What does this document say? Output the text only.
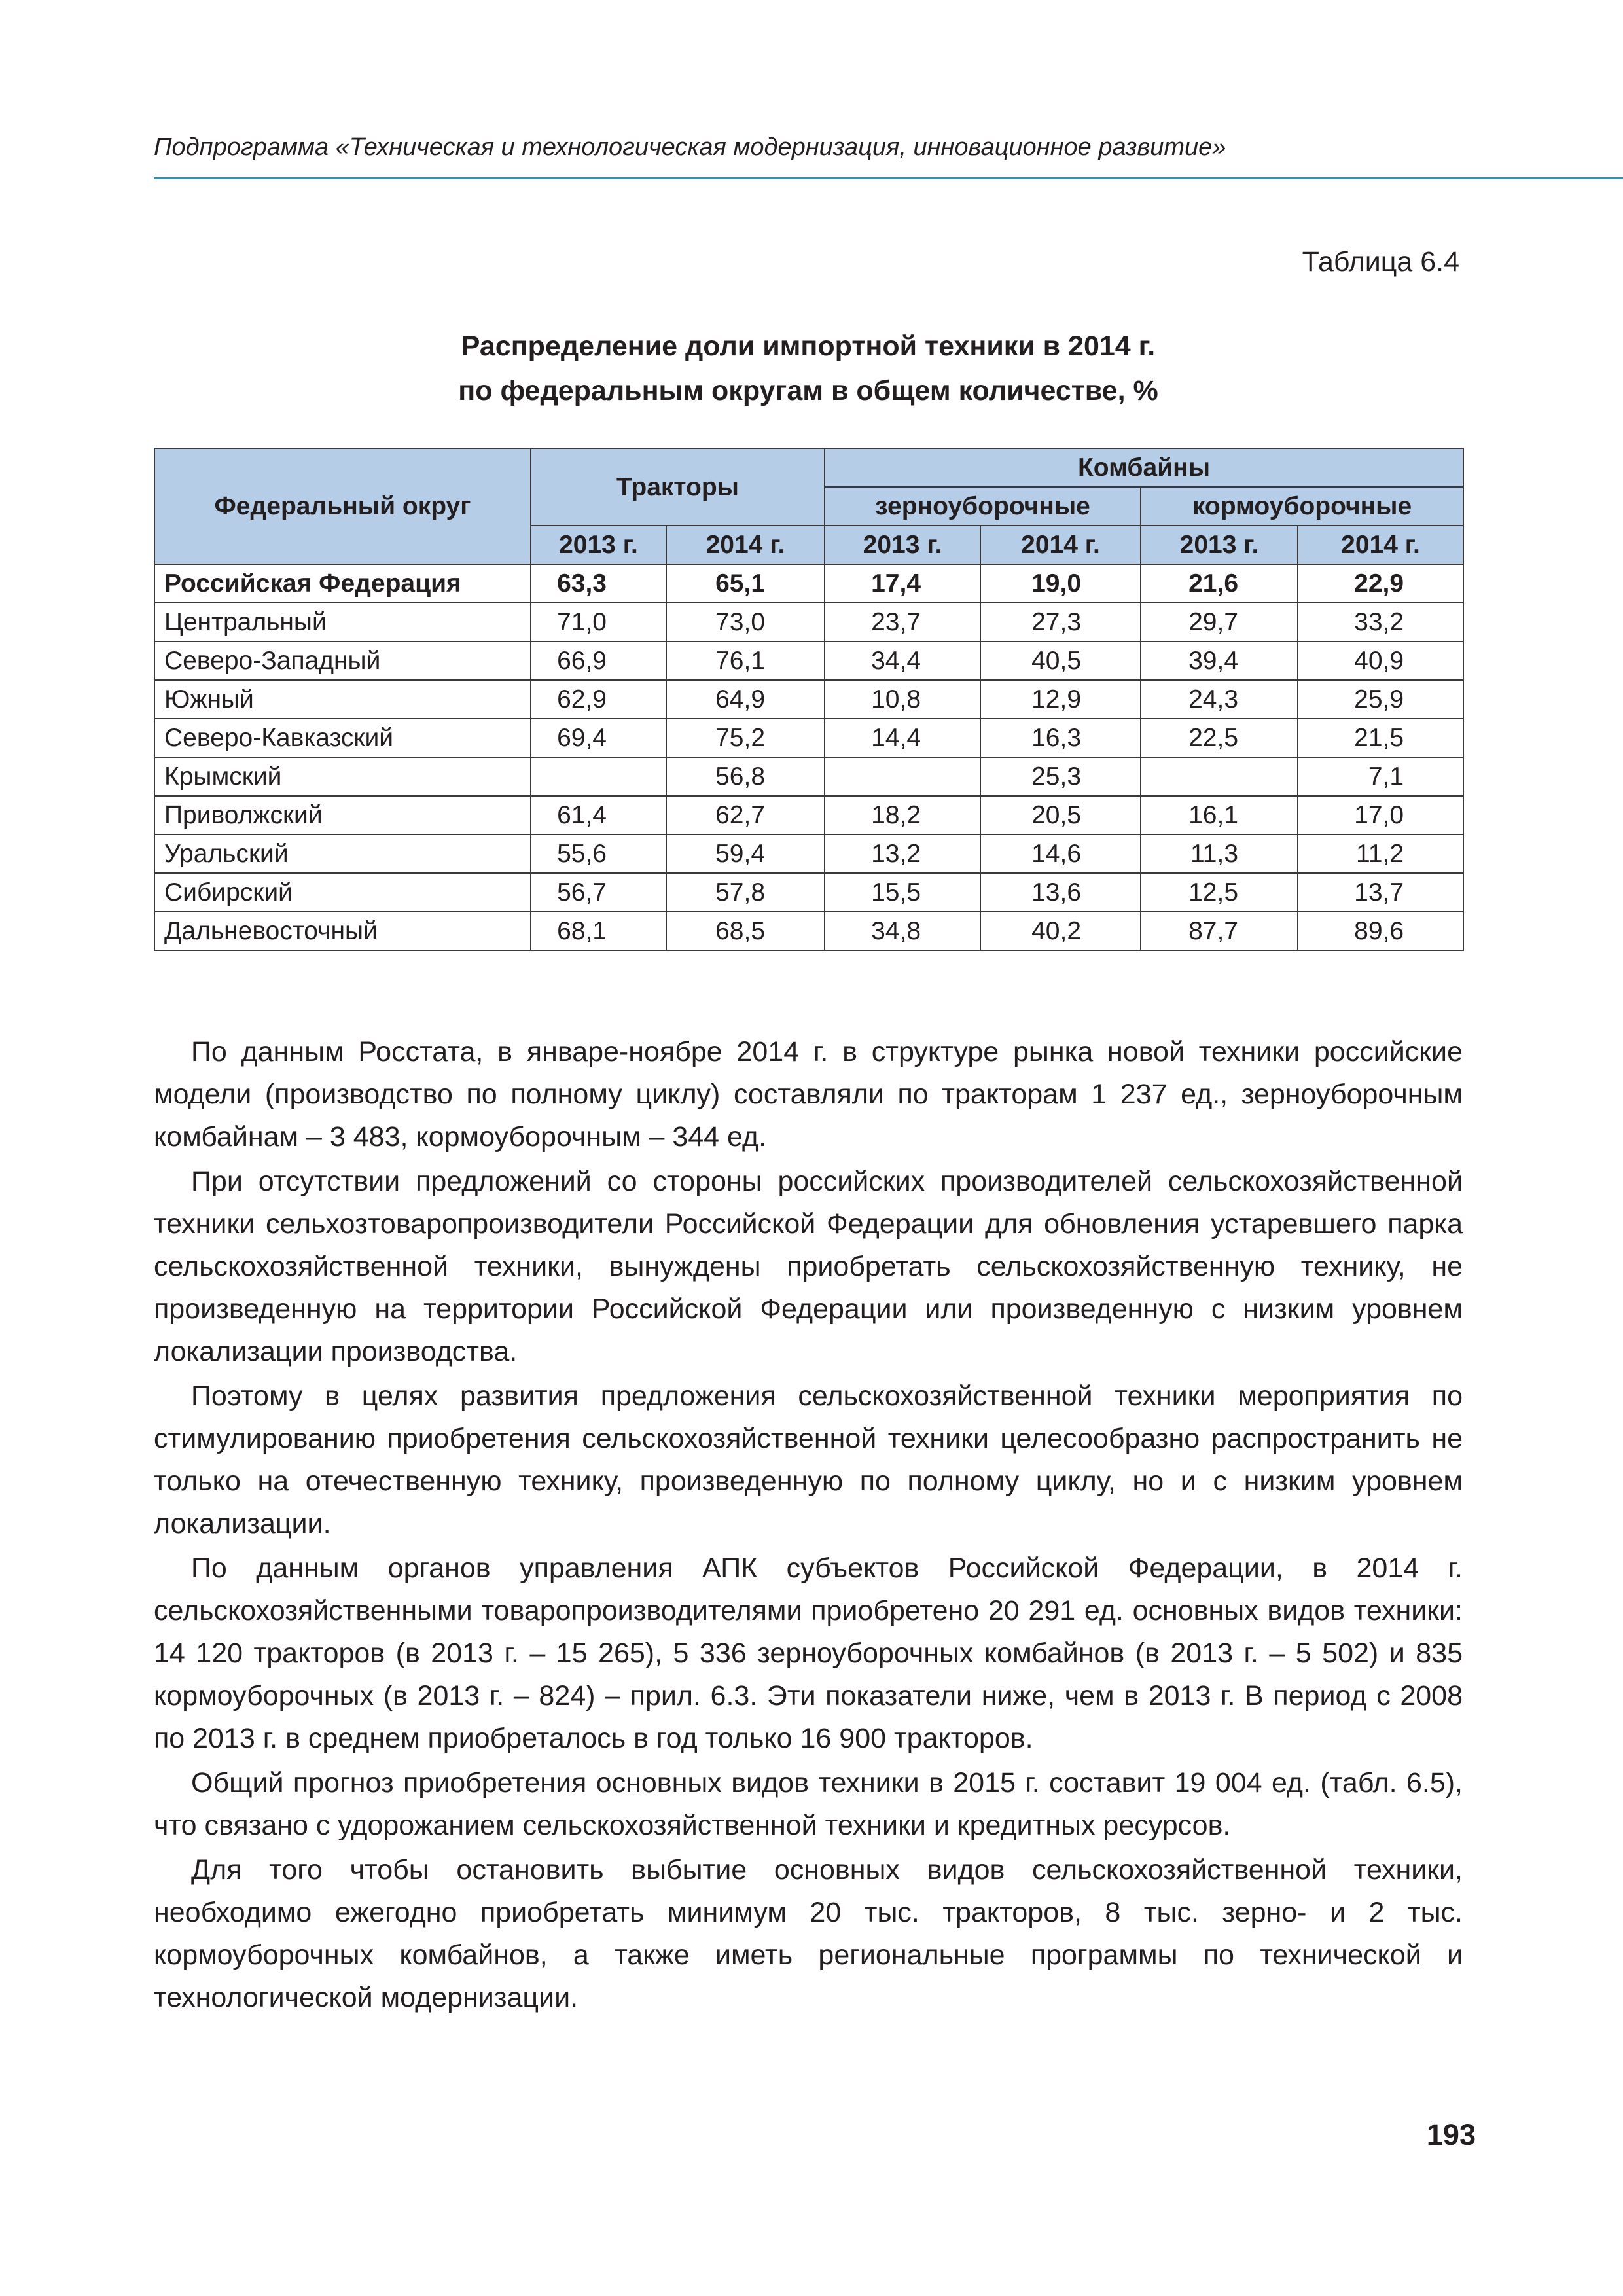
Подпрограмма «Техническая и технологическая модернизация, инновационное развитие»
Таблица 6.4
Распределение доли импортной техники в 2014 г.
по федеральным округам в общем количестве, %
Федеральный округ	Тракторы		Комбайны			
			зерноуборочные		кормоуборочные	
	2013 г.	2014 г.	2013 г.	2014 г.	2013 г.	2014 г.
Российская Федерация	63,3	65,1	17,4	19,0	21,6	22,9
Центральный	71,0	73,0	23,7	27,3	29,7	33,2
Северо-Западный	66,9	76,1	34,4	40,5	39,4	40,9
Южный	62,9	64,9	10,8	12,9	24,3	25,9
Северо-Кавказский	69,4	75,2	14,4	16,3	22,5	21,5
Крымский		56,8		25,3		7,1
Приволжский	61,4	62,7	18,2	20,5	16,1	17,0
Уральский	55,6	59,4	13,2	14,6	11,3	11,2
Сибирский	56,7	57,8	15,5	13,6	12,5	13,7
Дальневосточный	68,1	68,5	34,8	40,2	87,7	89,6

По данным Росстата, в январе-ноябре 2014 г. в структуре рынка новой техники российские модели (производство по полному циклу) составляли по тракторам 1 237 ед., зерноуборочным комбайнам – 3 483, кормоуборочным – 344 ед.

При отсутствии предложений со стороны российских производителей сельскохозяйственной техники сельхозтоваропроизводители Российской Федерации для обновления устаревшего парка сельскохозяйственной техники, вынуждены приобретать сельскохозяйственную технику, не произведенную на территории Российской Федерации или произведенную с низким уровнем локализации производства.

Поэтому в целях развития предложения сельскохозяйственной техники мероприятия по стимулированию приобретения сельскохозяйственной техники целесообразно распространить не только на отечественную технику, произведенную по полному циклу, но и с низким уровнем локализации.

По данным органов управления АПК субъектов Российской Федерации, в 2014 г. сельскохозяйственными товаропроизводителями приобретено 20 291 ед. основных видов техники: 14 120 тракторов (в 2013 г. – 15 265), 5 336 зерноуборочных комбайнов (в 2013 г. – 5 502) и 835 кормоуборочных (в 2013 г. – 824) – прил. 6.3. Эти показатели ниже, чем в 2013 г. В период с 2008 по 2013 г. в среднем приобреталось в год только 16 900 тракторов.

Общий прогноз приобретения основных видов техники в 2015 г. составит 19 004 ед. (табл. 6.5), что связано с удорожанием сельскохозяйственной техники и кредитных ресурсов.

Для того чтобы остановить выбытие основных видов сельскохозяйственной техники, необходимо ежегодно приобретать минимум 20 тыс. тракторов, 8 тыс. зерно- и 2 тыс. кормоуборочных комбайнов, а также иметь региональные программы по технической и технологической модернизации.

193
